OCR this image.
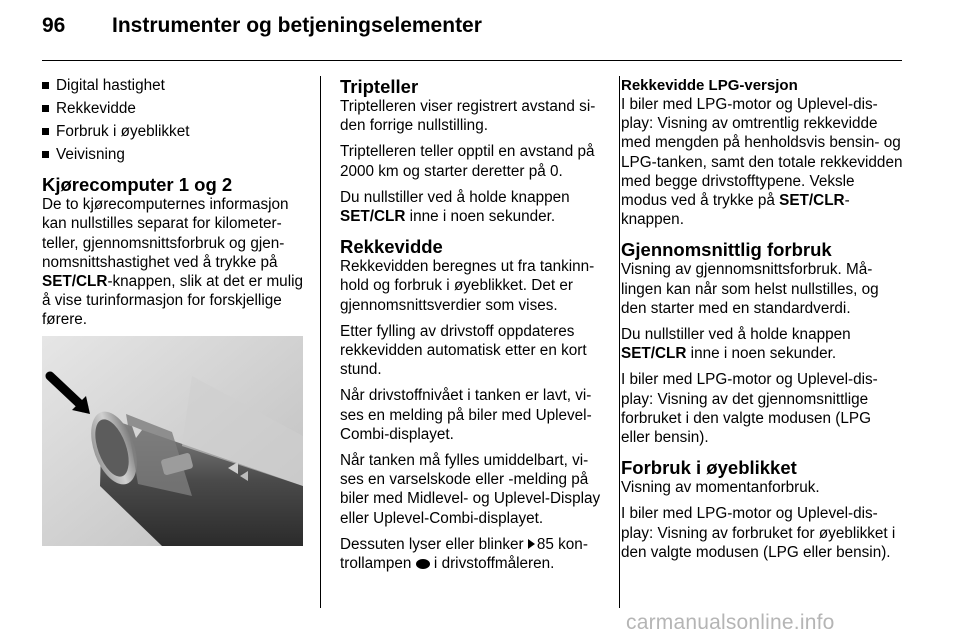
96 Instrumenter og betjeningselementer
Digital hastighet
Rekkevidde
Forbruk i øyeblikket
Veivisning
Kjørecomputer 1 og 2

De to kjørecomputernes informasjon kan nullstilles separat for kilometerteller, gjennomsnittsforbruk og gjennomsnittshastighet ved å trykke på SET/CLR-knappen, slik at det er mulig å vise turinformasjon for forskjellige førere.

Tripteller

Triptelleren viser registrert avstand siden forrige nullstilling.

Triptelleren teller opptil en avstand på 2000 km og starter deretter på 0.

Du nullstiller ved å holde knappen SET/CLR inne i noen sekunder.

Rekkevidde

Rekkevidden beregnes ut fra tankinnhold og forbruk i øyeblikket. Det er gjennomsnittsverdier som vises.

Etter fylling av drivstoff oppdateres rekkevidden automatisk etter en kort stund.

Når drivstoffnivået i tanken er lavt, vises en melding på biler med Uplevel-Combi-displayet.

Når tanken må fylles umiddelbart, vises en varselskode eller -melding på biler med Midlevel- og Uplevel-Display eller Uplevel-Combi-displayet.

Dessuten lyser eller blinker 85 kontrollampen  i drivstoffmåleren.

Rekkevidde LPG-versjon

I biler med LPG-motor og Uplevel-display: Visning av omtrentlig rekkevidde med mengden på henholdsvis bensin- og LPG-tanken, samt den totale rekkevidden med begge drivstofftypene. Veksle modus ved å trykke på SET/CLR-knappen.

Gjennomsnittlig forbruk

Visning av gjennomsnittsforbruk. Målingen kan når som helst nullstilles, og den starter med en standardverdi.

Du nullstiller ved å holde knappen SET/CLR inne i noen sekunder.

I biler med LPG-motor og Uplevel-display: Visning av det gjennomsnittlige forbruket i den valgte modusen (LPG eller bensin).

Forbruk i øyeblikket

Visning av momentanforbruk.

I biler med LPG-motor og Uplevel-display: Visning av forbruket for øyeblikket i den valgte modusen (LPG eller bensin).

carmanualsonline.info
